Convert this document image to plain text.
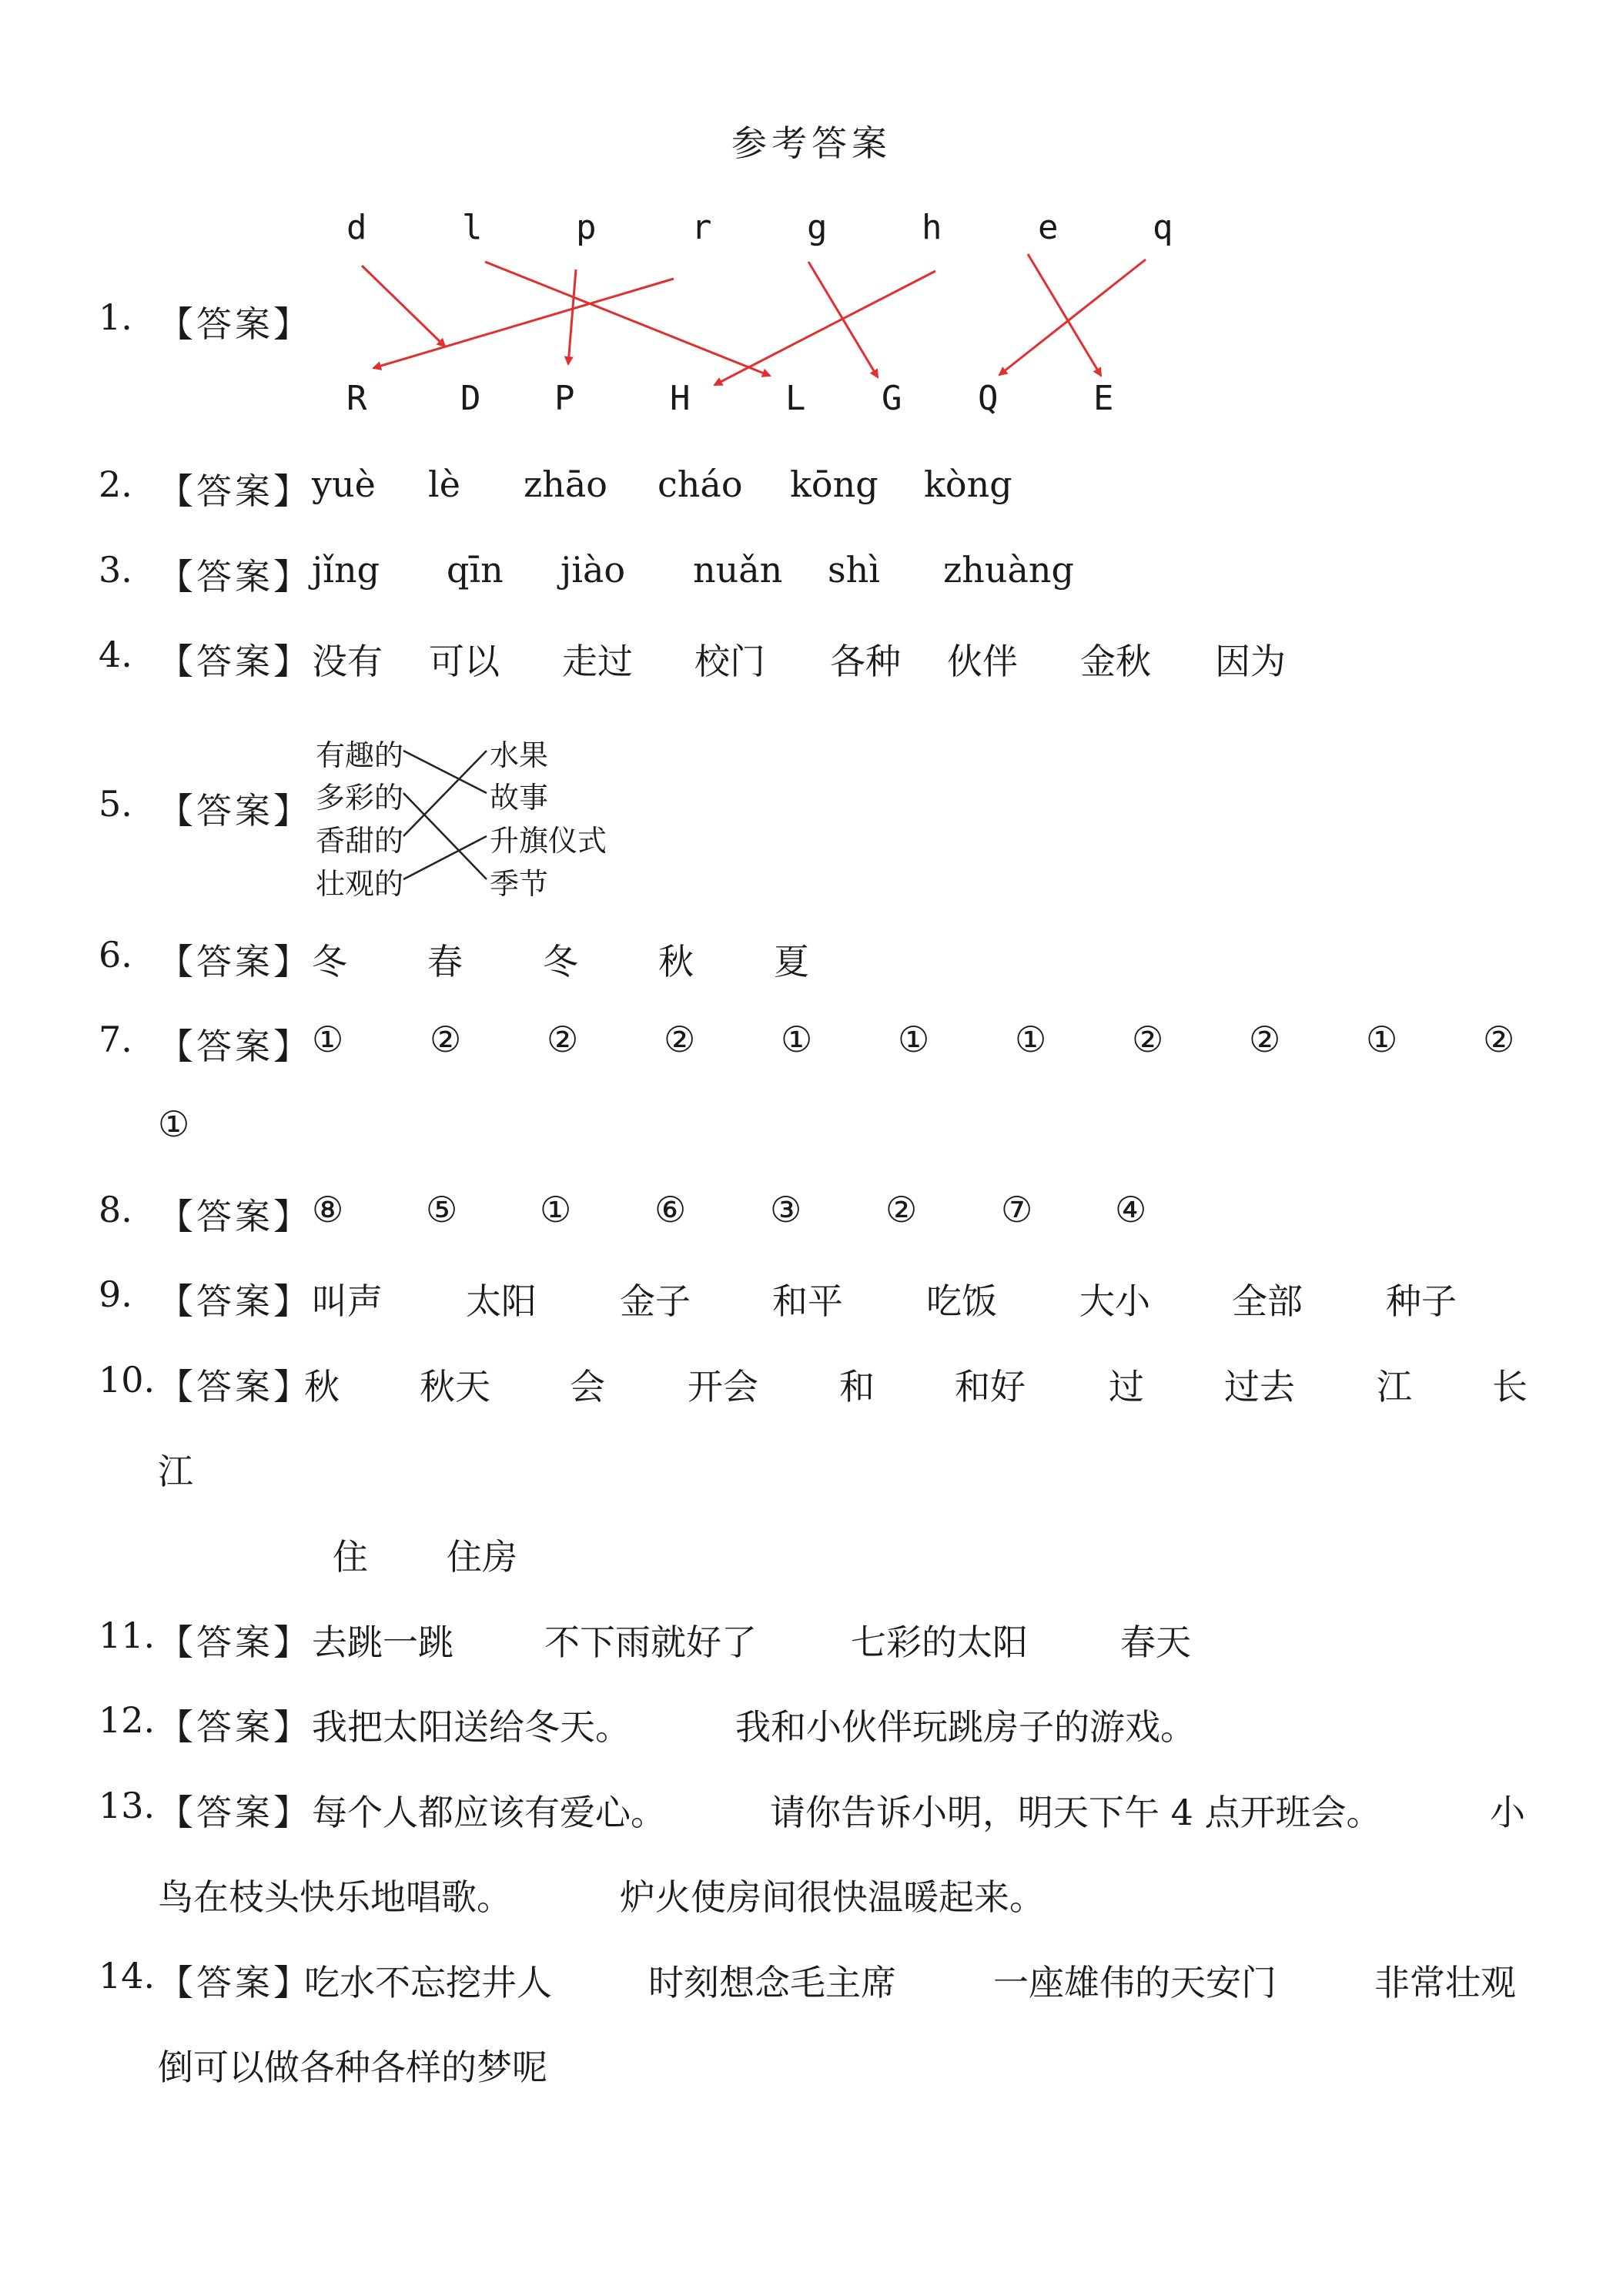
参考答案
1. 【答案】
d	l	p	r	g	h	e	q
R	D P	H	L G Q	E
2. 【答案】 yuè lè zhāo cháo kōng kòng
3. 【答案】 jǐng qīn jiào nuǎn shì zhuàng
4. 【答案】 没有 可以 走过 校门 各种 伙伴 金秋 因为
5. 【答案】
有趣的
多彩的
香甜的
壮观的
水果
故事
升旗仪式
季节
6. 【答案】 冬 春 冬 秋 夏
7. 【答案】 ① ② ② ② ① ① ① ② ② ① ②
①
8. 【答案】 ⑧ ⑤ ① ⑥ ③ ② ⑦ ④
9. 【答案】 叫声 太阳 金子 和平 吃饭 大小 全部 种子
10. 【答案】
秋 秋天 会 开会 和 和好 过 过去 江 长
江
住 住房
11. 【答案】 去跳一跳	不下雨就好了	七彩的太阳	春天
12. 【答案】 我把太阳送给冬天。	我和小伙伴玩跳房子的游戏。
13. 【答案】 每个人都应该有爱心。	请你告诉小明，明天下午 4 点开班会。	小
鸟在枝头快乐地唱歌。	炉火使房间很快温暖起来。
14. 【答案】
吃水不忘挖井人	时刻想念毛主席	一座雄伟的天安门	非常壮观
倒可以做各种各样的梦呢
